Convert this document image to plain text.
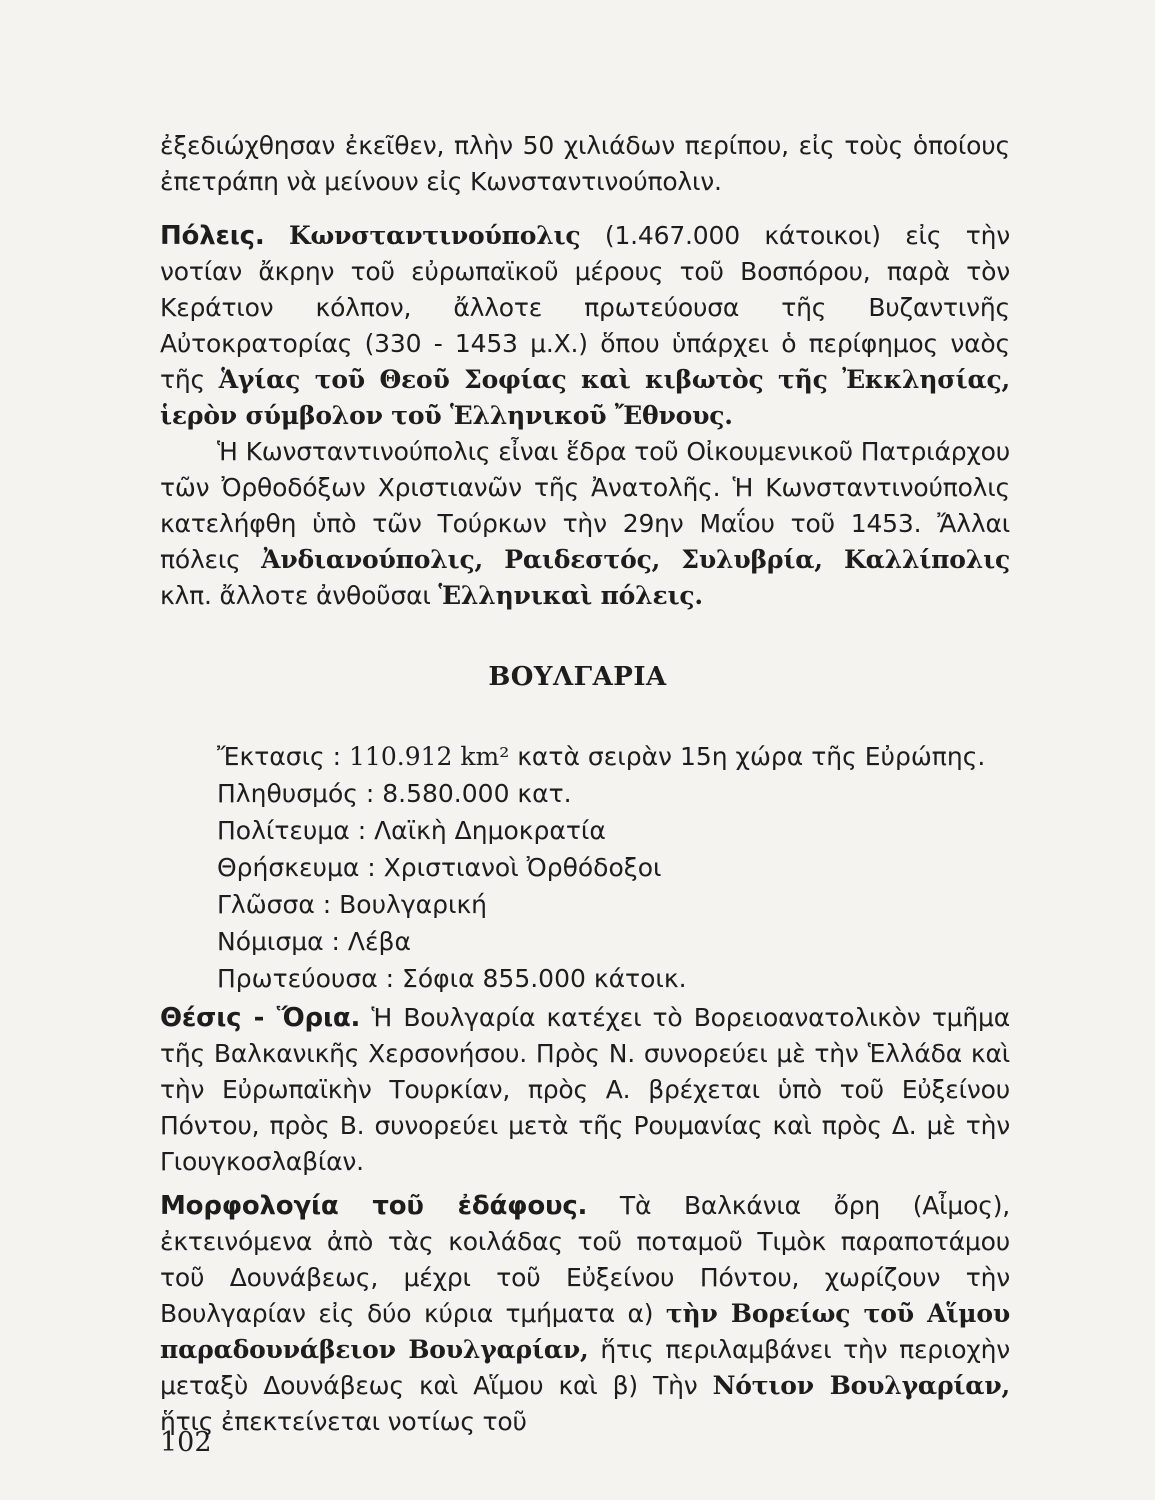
ἐξεδιώχθησαν ἐκεῖθεν, πλὴν 50 χιλιάδων περίπου, εἰς τοὺς ὁποίους ἐπετράπη νὰ μείνουν εἰς Κωνσταντινούπολιν.

Πόλεις. Κωνσταντινούπολις (1.467.000 κάτοικοι) εἰς τὴν νοτίαν ἄκρην τοῦ εὐρωπαϊκοῦ μέρους τοῦ Βοσπόρου, παρὰ τὸν Κεράτιον κόλπον, ἄλλοτε πρωτεύουσα τῆς Βυζαντινῆς Αὐτοκρατορίας (330 - 1453 μ.Χ.) ὅπου ὑπάρχει ὁ περίφημος ναὸς τῆς Ἁγίας τοῦ Θεοῦ Σοφίας καὶ κιβωτὸς τῆς Ἐκκλησίας, ἱερὸν σύμβολον τοῦ Ἑλληνικοῦ Ἔθνους.

Ἡ Κωνσταντινούπολις εἶναι ἕδρα τοῦ Οἰκουμενικοῦ Πατριάρχου τῶν Ὀρθοδόξων Χριστιανῶν τῆς Ἀνατολῆς. Ἡ Κωνσταντινούπολις κατελήφθη ὑπὸ τῶν Τούρκων τὴν 29ην Μαΐου τοῦ 1453. Ἄλλαι πόλεις Ἀνδιανούπολις, Ραιδεστός, Συλυβρία, Καλλίπολις κλπ. ἄλλοτε ἀνθοῦσαι Ἑλληνικαὶ πόλεις.

ΒΟΥΛΓΑΡΙΑ
Ἔκτασις : 110.912 km² κατὰ σειρὰν 15η χώρα τῆς Εὐρώπης.
Πληθυσμός : 8.580.000 κατ.
Πολίτευμα : Λαϊκὴ Δημοκρατία
Θρήσκευμα : Χριστιανοὶ Ὀρθόδοξοι
Γλῶσσα : Βουλγαρική
Νόμισμα : Λέβα
Πρωτεύουσα : Σόφια 855.000 κάτοικ.

Θέσις - Ὅρια. Ἡ Βουλγαρία κατέχει τὸ Βορειοανατολικὸν τμῆμα τῆς Βαλκανικῆς Χερσονήσου. Πρὸς Ν. συνορεύει μὲ τὴν Ἑλλάδα καὶ τὴν Εὐρωπαϊκὴν Τουρκίαν, πρὸς Α. βρέχεται ὑπὸ τοῦ Εὐξείνου Πόντου, πρὸς Β. συνορεύει μετὰ τῆς Ρουμανίας καὶ πρὸς Δ. μὲ τὴν Γιουγκοσλαβίαν.

Μορφολογία τοῦ ἐδάφους. Τὰ Βαλκάνια ὄρη (Αἶμος), ἐκτεινόμενα ἀπὸ τὰς κοιλάδας τοῦ ποταμοῦ Τιμὸκ παραποτάμου τοῦ Δουνάβεως, μέχρι τοῦ Εὐξείνου Πόντου, χωρίζουν τὴν Βουλγαρίαν εἰς δύο κύρια τμήματα α) τὴν Βορείως τοῦ Αἵμου παραδουνάβειον Βουλγαρίαν, ἥτις περιλαμβάνει τὴν περιοχὴν μεταξὺ Δουνάβεως καὶ Αἵμου καὶ β) Τὴν Νότιον Βουλγαρίαν, ἥτις ἐπεκτείνεται νοτίως τοῦ

102
